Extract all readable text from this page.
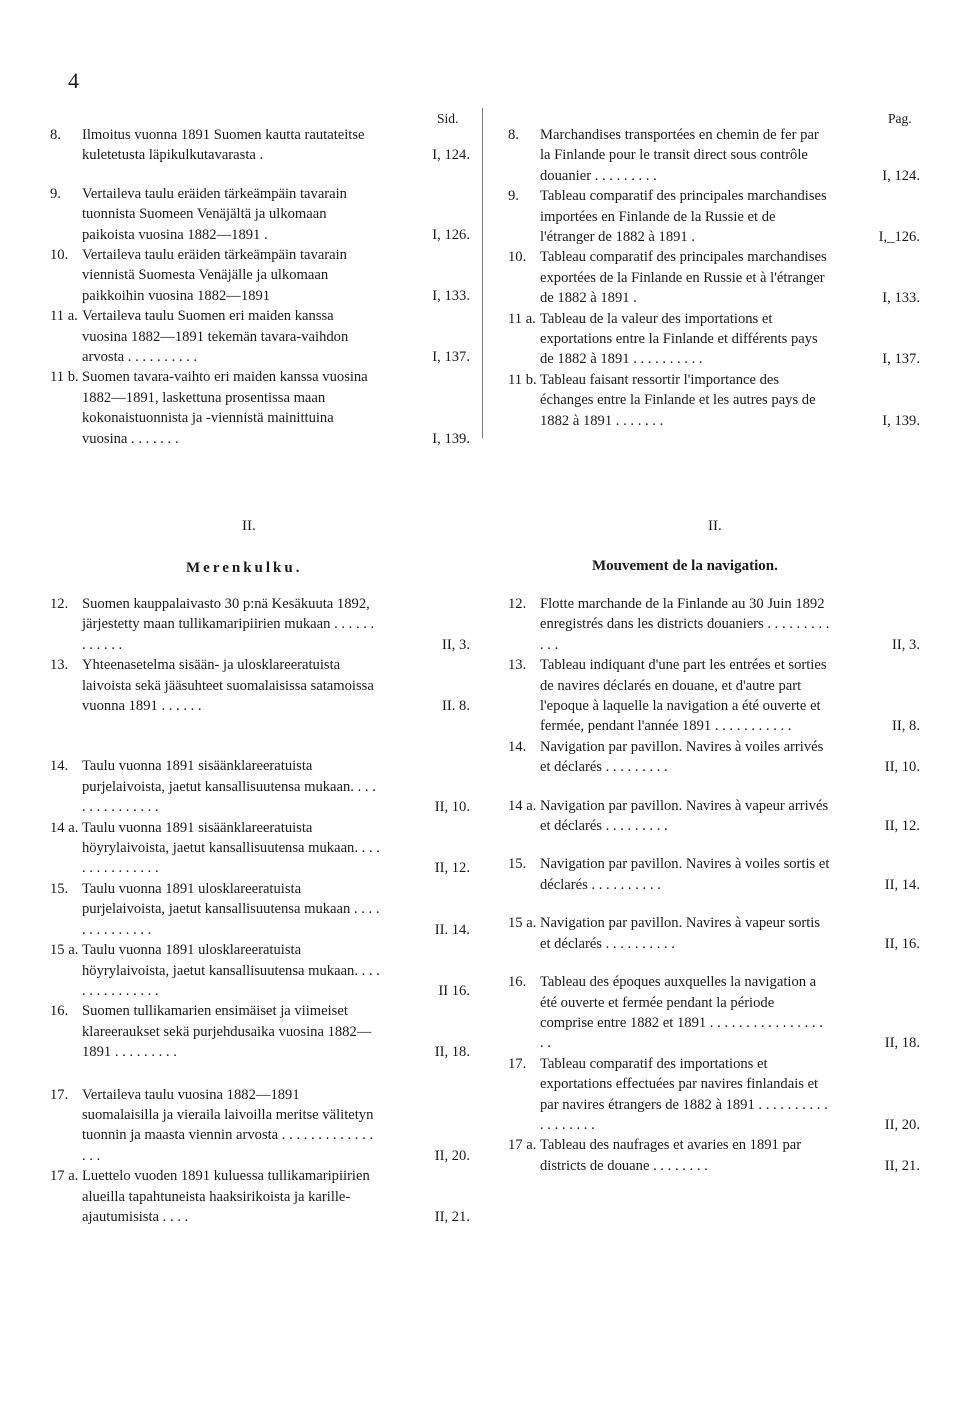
4
Sid.	Pag.
8. Ilmoitus vuonna 1891 Suomen kautta rautateitse kuletetusta läpikulkutavarasta .	I, 124.
9. Vertaileva taulu eräiden tärkeämpäin tavarain tuonnista Suomeen Venäjältä ja ulkomaan paikoista vuosina 1882—1891 .	I, 126.
10. Vertaileva taulu eräiden tärkeämpäin tavarain viennistä Suomesta Venäjälle ja ulkomaan paikkoihin vuosina 1882—1891	I, 133.
11 a. Vertaileva taulu Suomen eri maiden kanssa vuosina 1882—1891 tekemän tavara-vaihdon arvosta . . . . . . . . . .	I, 137.
11 b. Suomen tavara-vaihto eri maiden kanssa vuosina 1882—1891, laskettuna prosentissa maan kokonaistuonnista ja -viennistä mainittuina vuosina . . . . . . .	I, 139.
8. Marchandises transportées en chemin de fer par la Finlande pour le transit direct sous contrôle douanier . . . . . . . . .	I, 124.
9. Tableau comparatif des principales marchandises importées en Finlande de la Russie et de l'étranger de 1882 à 1891 .	I,_126.
10. Tableau comparatif des principales marchandises exportées de la Finlande en Russie et à l'étranger de 1882 à 1891 .	I, 133.
11 a. Tableau de la valeur des importations et exportations entre la Finlande et différents pays de 1882 à 1891 . . . . . . . . . .	I, 137.
11 b. Tableau faisant ressortir l'importance des échanges entre la Finlande et les autres pays de 1882 à 1891 . . . . . . .	I, 139.
II.
Merenkulku.
II.
Mouvement de la navigation.
12. Suomen kauppalaivasto 30 p:nä Kesäkuuta 1892, järjestetty maan tullikamaripiirien mukaan . . . . . . . . . . . .	II, 3.
13. Yhteenasetelma sisään- ja ulosklareeratuista laivoista sekä jääsuhteet suomalaisissa satamoissa vuonna 1891 . . . . . .	II. 8.
14. Taulu vuonna 1891 sisäänklareeratuista purjelaivoista, jaetut kansallisuutensa mukaan. . . . . . . . . . . . . . .	II, 10.
14 a. Taulu vuonna 1891 sisäänklareeratuista höyrylaivoista, jaetut kansallisuutensa mukaan. . . . . . . . . . . . . . .	II, 12.
15. Taulu vuonna 1891 ulosklareeratuista purjelaivoista, jaetut kansallisuutensa mukaan . . . . . . . . . . . . . .	II. 14.
15 a. Taulu vuonna 1891 ulosklareeratuista höyrylaivoista, jaetut kansallisuutensa mukaan. . . . . . . . . . . . . . .	II 16.
16. Suomen tullikamarien ensimäiset ja viimeiset klareeraukset sekä purjehdusaika vuosina 1882—1891 . . . . . . . . .	II, 18.
17. Vertaileva taulu vuosina 1882—1891 suomalaisilla ja vieraila laivoilla meritse välitetyn tuonnin ja maasta viennin arvosta . . . . . . . . . . . . . . . .	II, 20.
17 a. Luettelo vuoden 1891 kuluessa tullikamaripiirien alueilla tapahtuneista haaksirikoista ja karille-ajautumisista . . . .	II, 21.
12. Flotte marchande de la Finlande au 30 Juin 1892 enregistrés dans les districts douaniers . . . . . . . . . . . .	II, 3.
13. Tableau indiquant d'une part les entrées et sorties de navires déclarés en douane, et d'autre part l'epoque à laquelle la navigation a été ouverte et fermée, pendant l'année 1891 . . . . . . . . . . .	II, 8.
14. Navigation par pavillon. Navires à voiles arrivés et déclarés . . . . . . . . .	II, 10.
14 a. Navigation par pavillon. Navires à vapeur arrivés et déclarés . . . . . . . . .	II, 12.
15. Navigation par pavillon. Navires à voiles sortis et déclarés . . . . . . . . . .	II, 14.
15 a. Navigation par pavillon. Navires à vapeur sortis et déclarés . . . . . . . . . .	II, 16.
16. Tableau des époques auxquelles la navigation a été ouverte et fermée pendant la période comprise entre 1882 et 1891 . . . . . . . . . . . . . . . . . .	II, 18.
17. Tableau comparatif des importations et exportations effectuées par navires finlandais et par navires étrangers de 1882 à 1891 . . . . . . . . . . . . . . . . . .	II, 20.
17 a. Tableau des naufrages et avaries en 1891 par districts de douane . . . . . . . .	II, 21.
